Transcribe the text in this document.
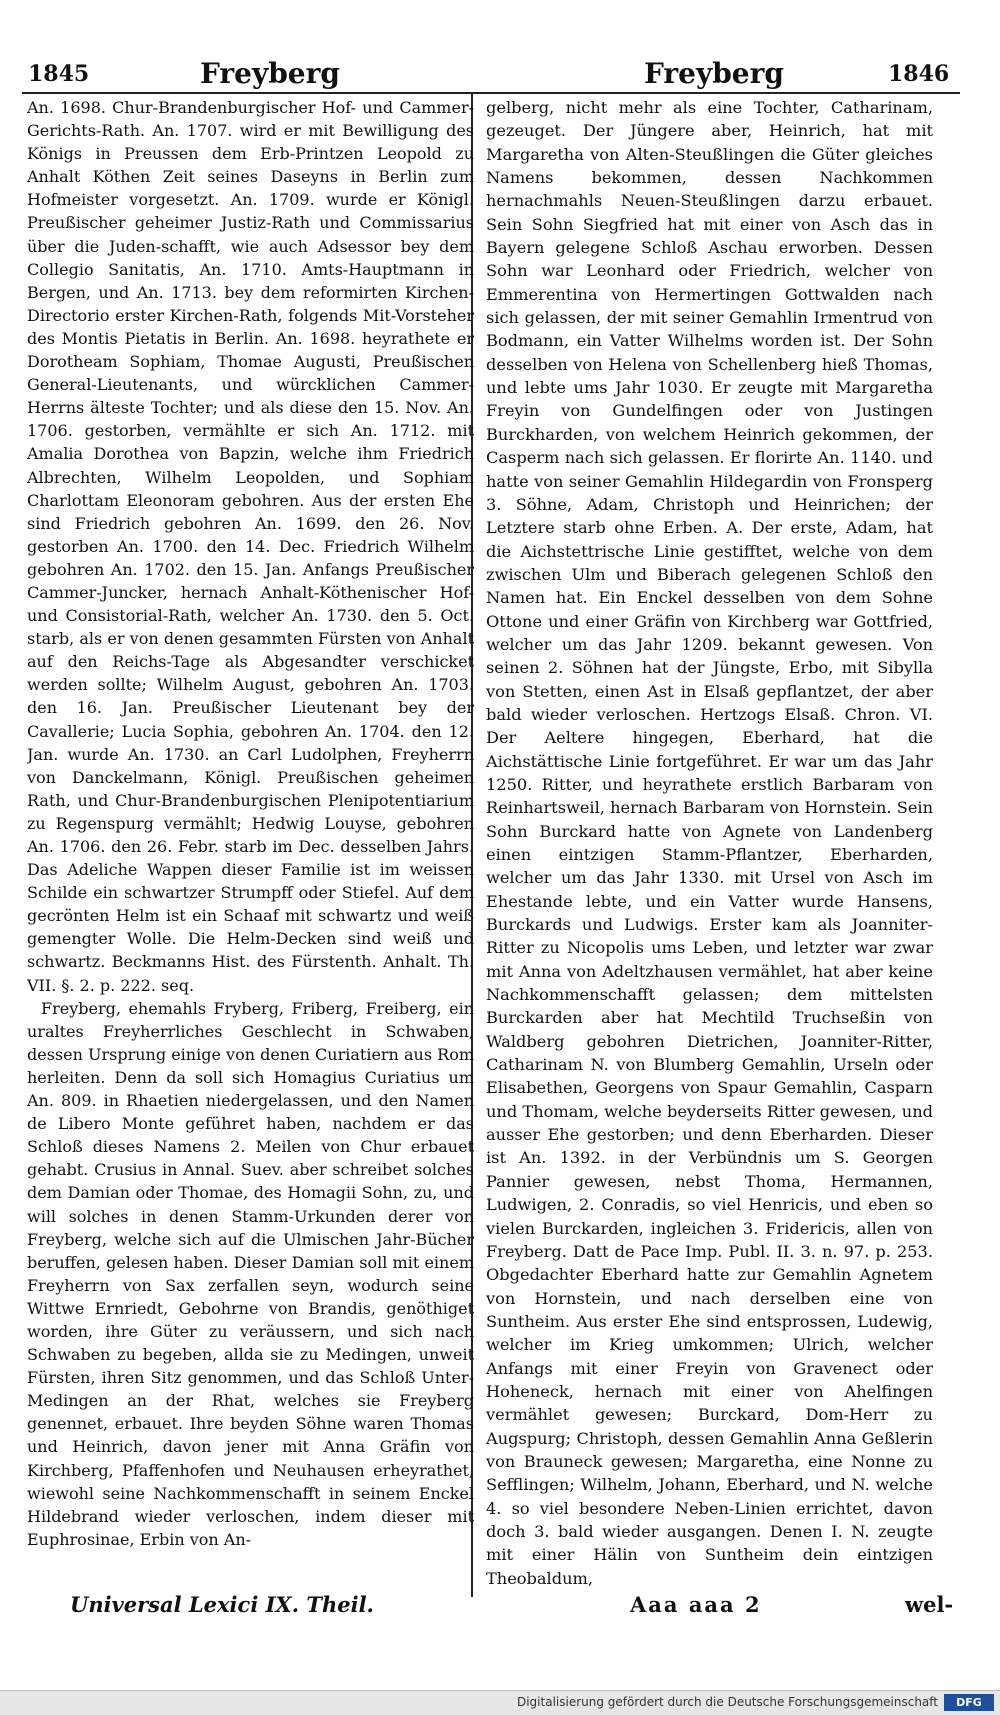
1845	Freyberg	Freyberg	1846

An. 1698. Chur-Brandenburgischer Hof- und Cammer-Gerichts-Rath. An. 1707. wird er mit Bewilligung des Königs in Preussen dem Erb-Printzen Leopold zu Anhalt Köthen Zeit seines Daseyns in Berlin zum Hofmeister vorgesetzt. An. 1709. wurde er Königl. Preußischer geheimer Justiz-Rath und Commissarius über die Juden-schafft, wie auch Adsessor bey dem Collegio Sanitatis, An. 1710. Amts-Hauptmann in Bergen, und An. 1713. bey dem reformirten Kirchen-Directorio erster Kirchen-Rath, folgends Mit-Vorsteher des Montis Pietatis in Berlin. An. 1698. heyrathete er Dorotheam Sophiam, Thomae Augusti, Preußischen General-Lieutenants, und würcklichen Cammer-Herrns älteste Tochter; und als diese den 15. Nov. An. 1706. gestorben, vermählte er sich An. 1712. mit Amalia Dorothea von Bapzin, welche ihm Friedrich Albrechten, Wilhelm Leopolden, und Sophiam Charlottam Eleonoram gebohren. Aus der ersten Ehe sind Friedrich gebohren An. 1699. den 26. Nov. gestorben An. 1700. den 14. Dec. Friedrich Wilhelm gebohren An. 1702. den 15. Jan. Anfangs Preußischer Cammer-Juncker, hernach Anhalt-Köthenischer Hof- und Consistorial-Rath, welcher An. 1730. den 5. Oct. starb, als er von denen gesammten Fürsten von Anhalt auf den Reichs-Tage als Abgesandter verschicket werden sollte; Wilhelm August, gebohren An. 1703. den 16. Jan. Preußischer Lieutenant bey der Cavallerie; Lucia Sophia, gebohren An. 1704. den 12. Jan. wurde An. 1730. an Carl Ludolphen, Freyherrn von Danckelmann, Königl. Preußischen geheimen Rath, und Chur-Brandenburgischen Plenipotentiarium zu Regenspurg vermählt; Hedwig Louyse, gebohren An. 1706. den 26. Febr. starb im Dec. desselben Jahrs. Das Adeliche Wappen dieser Familie ist im weissen Schilde ein schwartzer Strumpff oder Stiefel. Auf dem gecrönten Helm ist ein Schaaf mit schwartz und weiß gemengter Wolle. Die Helm-Decken sind weiß und schwartz. Beckmanns Hist. des Fürstenth. Anhalt. Th. VII. §. 2. p. 222. seq.

Freyberg, ehemahls Fryberg, Friberg, Freiberg, ein uraltes Freyherrliches Geschlecht in Schwaben, dessen Ursprung einige von denen Curiatiern aus Rom herleiten. Denn da soll sich Homagius Curiatius um An. 809. in Rhaetien niedergelassen, und den Namen de Libero Monte geführet haben, nachdem er das Schloß dieses Namens 2. Meilen von Chur erbauet gehabt. Crusius in Annal. Suev. aber schreibet solches dem Damian oder Thomae, des Homagii Sohn, zu, und will solches in denen Stamm-Urkunden derer von Freyberg, welche sich auf die Ulmischen Jahr-Bücher beruffen, gelesen haben. Dieser Damian soll mit einem Freyherrn von Sax zerfallen seyn, wodurch seine Wittwe Ernriedt, Gebohrne von Brandis, genöthiget worden, ihre Güter zu veräussern, und sich nach Schwaben zu begeben, allda sie zu Medingen, unweit Fürsten, ihren Sitz genommen, und das Schloß Unter-Medingen an der Rhat, welches sie Freyberg genennet, erbauet. Ihre beyden Söhne waren Thomas und Heinrich, davon jener mit Anna Gräfin von Kirchberg, Pfaffenhofen und Neuhausen erheyrathet, wiewohl seine Nachkommenschafft in seinem Enckel Hildebrand wieder verloschen, indem dieser mit Euphrosinae, Erbin von An-

gelberg, nicht mehr als eine Tochter, Catharinam, gezeuget. Der Jüngere aber, Heinrich, hat mit Margaretha von Alten-Steußlingen die Güter gleiches Namens bekommen, dessen Nachkommen hernachmahls Neuen-Steußlingen darzu erbauet. Sein Sohn Siegfried hat mit einer von Asch das in Bayern gelegene Schloß Aschau erworben. Dessen Sohn war Leonhard oder Friedrich, welcher von Emmerentina von Hermertingen Gottwalden nach sich gelassen, der mit seiner Gemahlin Irmentrud von Bodmann, ein Vatter Wilhelms worden ist. Der Sohn desselben von Helena von Schellenberg hieß Thomas, und lebte ums Jahr 1030. Er zeugte mit Margaretha Freyin von Gundelfingen oder von Justingen Burckharden, von welchem Heinrich gekommen, der Casperm nach sich gelassen. Er florirte An. 1140. und hatte von seiner Gemahlin Hildegardin von Fronsperg 3. Söhne, Adam, Christoph und Heinrichen; der Letztere starb ohne Erben. A. Der erste, Adam, hat die Aichstettrische Linie gestifftet, welche von dem zwischen Ulm und Biberach gelegenen Schloß den Namen hat. Ein Enckel desselben von dem Sohne Ottone und einer Gräfin von Kirchberg war Gottfried, welcher um das Jahr 1209. bekannt gewesen. Von seinen 2. Söhnen hat der Jüngste, Erbo, mit Sibylla von Stetten, einen Ast in Elsaß gepflantzet, der aber bald wieder verloschen. Hertzogs Elsaß. Chron. VI. Der Aeltere hingegen, Eberhard, hat die Aichstättische Linie fortgeführet. Er war um das Jahr 1250. Ritter, und heyrathete erstlich Barbaram von Reinhartsweil, hernach Barbaram von Hornstein. Sein Sohn Burckard hatte von Agnete von Landenberg einen eintzigen Stamm-Pflantzer, Eberharden, welcher um das Jahr 1330. mit Ursel von Asch im Ehestande lebte, und ein Vatter wurde Hansens, Burckards und Ludwigs. Erster kam als Joanniter-Ritter zu Nicopolis ums Leben, und letzter war zwar mit Anna von Adeltzhausen vermählet, hat aber keine Nachkommenschafft gelassen; dem mittelsten Burckarden aber hat Mechtild Truchseßin von Waldberg gebohren Dietrichen, Joanniter-Ritter, Catharinam N. von Blumberg Gemahlin, Urseln oder Elisabethen, Georgens von Spaur Gemahlin, Casparn und Thomam, welche beyderseits Ritter gewesen, und ausser Ehe gestorben; und denn Eberharden. Dieser ist An. 1392. in der Verbündnis um S. Georgen Pannier gewesen, nebst Thoma, Hermannen, Ludwigen, 2. Conradis, so viel Henricis, und eben so vielen Burckarden, ingleichen 3. Fridericis, allen von Freyberg. Datt de Pace Imp. Publ. II. 3. n. 97. p. 253. Obgedachter Eberhard hatte zur Gemahlin Agnetem von Hornstein, und nach derselben eine von Suntheim. Aus erster Ehe sind entsprossen, Ludewig, welcher im Krieg umkommen; Ulrich, welcher Anfangs mit einer Freyin von Gravenect oder Hoheneck, hernach mit einer von Ahelfingen vermählet gewesen; Burckard, Dom-Herr zu Augspurg; Christoph, dessen Gemahlin Anna Geßlerin von Brauneck gewesen; Margaretha, eine Nonne zu Sefflingen; Wilhelm, Johann, Eberhard, und N. welche 4. so viel besondere Neben-Linien errichtet, davon doch 3. bald wieder ausgangen. Denen I. N. zeugte mit einer Hälin von Suntheim dein eintzigen Theobaldum,

Universal Lexici IX. Theil.	Aaa aaa 2	wel-
Digitalisierung gefördert durch die Deutsche Forschungsgemeinschaft	DFG
